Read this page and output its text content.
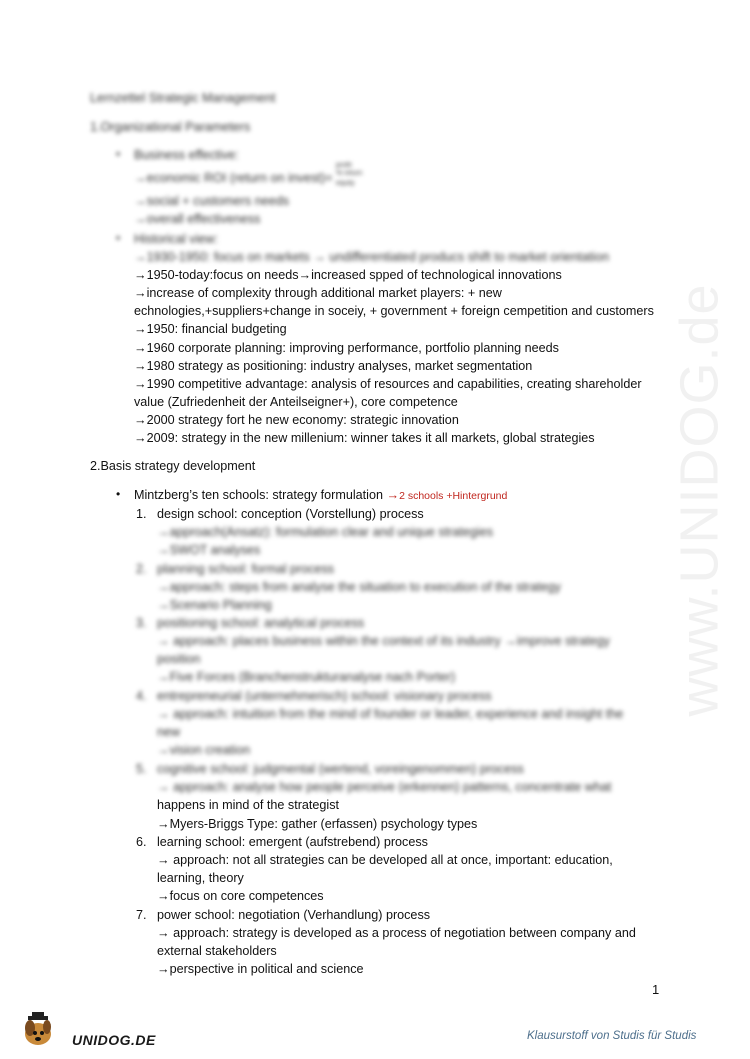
www.UNIDOG.de
Lernzettel Strategic Management
1.Organizational Parameters
• Business effective:
→economic ROI (return on invest)=
profit
% return
equity
→social + customers needs
→overall effectiveness
• Historical view:
→1930-1950: focus on markets → undifferentiated producs shift to market orientation
→1950-today:focus on needs→increased spped of technological innovations
→increase of complexity through additional market players: + new
echnologies,+suppliers+change in soceiy, + government + foreign cempetition and customers
→1950: financial budgeting
→1960 corporate planning: improving performance, portfolio planning needs
→1980 strategy as positioning: industry analyses, market segmentation
→1990 competitive advantage: analysis of resources and capabilities, creating shareholder
value (Zufriedenheit der Anteilseigner+), core competence
→2000 strategy fort he new economy: strategic innovation
→2009: strategy in the new millenium: winner takes it all markets, global strategies
2.Basis strategy development
• Mintzberg’s ten schools: strategy formulation →2 schools +Hintergrund
1. design school: conception (Vorstellung) process
→approach(Ansatz): formulation clear and unique strategies
→SWOT analyses
2. planning school: formal process
→approach: steps from analyse the situation to execution of the strategy
→Scenario Planning
3. positioning school: analytical process
→ approach: places business within the context of its industry →improve strategy
position
→Five Forces (Branchenstrukturanalyse nach Porter)
4. entrepreneurial (unternehmerisch) school: visionary process
→ approach: intuition from the mind of founder or leader, experience and insight the
new
→vision creation
5. cognitive school: judgmental (wertend, voreingenommen) process
→ approach: analyse how people perceive (erkennen) patterns, concentrate what
happens in mind of the strategist
→Myers-Briggs Type: gather (erfassen) psychology types
6. learning school: emergent (aufstrebend) process
→ approach: not all strategies can be developed all at once, important: education,
learning, theory
→focus on core competences
7. power school: negotiation (Verhandlung) process
→ approach: strategy is developed as a process of negotiation between company and
external stakeholders
→perspective in political and science
1
UNIDOG.DE	Klausurstoff von Studis für Studis
